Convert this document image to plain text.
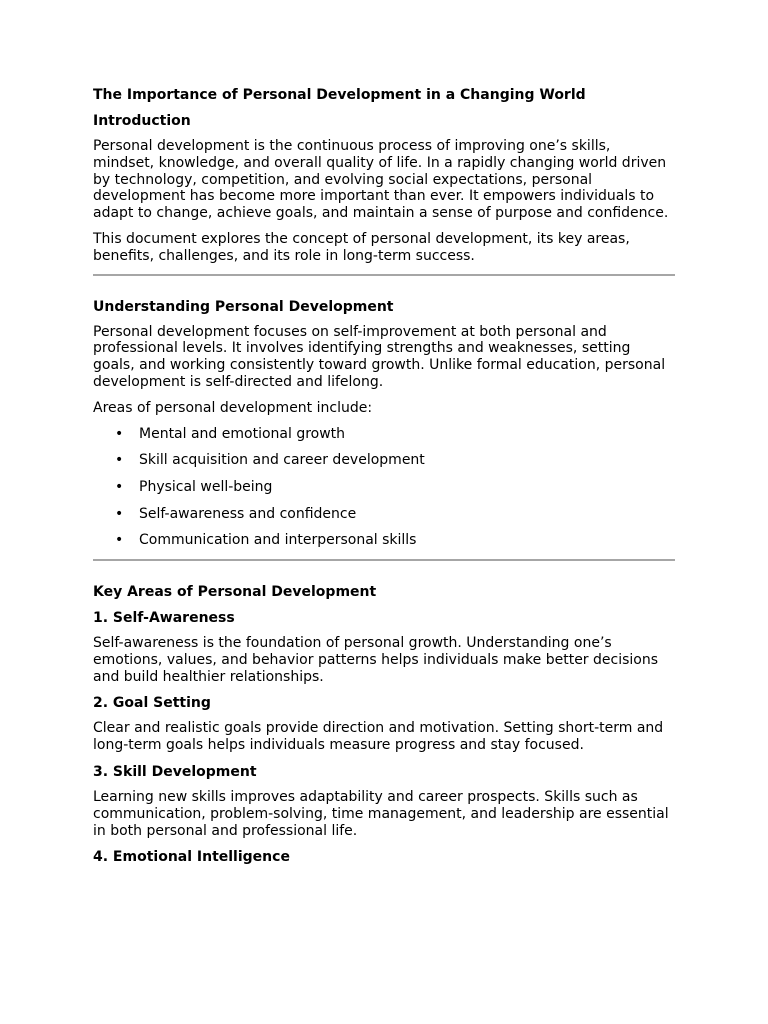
The Importance of Personal Development in a Changing World
Introduction

Personal development is the continuous process of improving one’s skills, mindset, knowledge, and overall quality of life. In a rapidly changing world driven by technology, competition, and evolving social expectations, personal development has become more important than ever. It empowers individuals to adapt to change, achieve goals, and maintain a sense of purpose and confidence.

This document explores the concept of personal development, its key areas, benefits, challenges, and its role in long-term success.

Understanding Personal Development

Personal development focuses on self-improvement at both personal and professional levels. It involves identifying strengths and weaknesses, setting goals, and working consistently toward growth. Unlike formal education, personal development is self-directed and lifelong.

Areas of personal development include:

• Mental and emotional growth
• Skill acquisition and career development
• Physical well-being
• Self-awareness and confidence
• Communication and interpersonal skills
Key Areas of Personal Development
1. Self-Awareness

Self-awareness is the foundation of personal growth. Understanding one’s emotions, values, and behavior patterns helps individuals make better decisions and build healthier relationships.

2. Goal Setting

Clear and realistic goals provide direction and motivation. Setting short-term and long-term goals helps individuals measure progress and stay focused.

3. Skill Development

Learning new skills improves adaptability and career prospects. Skills such as communication, problem-solving, time management, and leadership are essential in both personal and professional life.

4. Emotional Intelligence
